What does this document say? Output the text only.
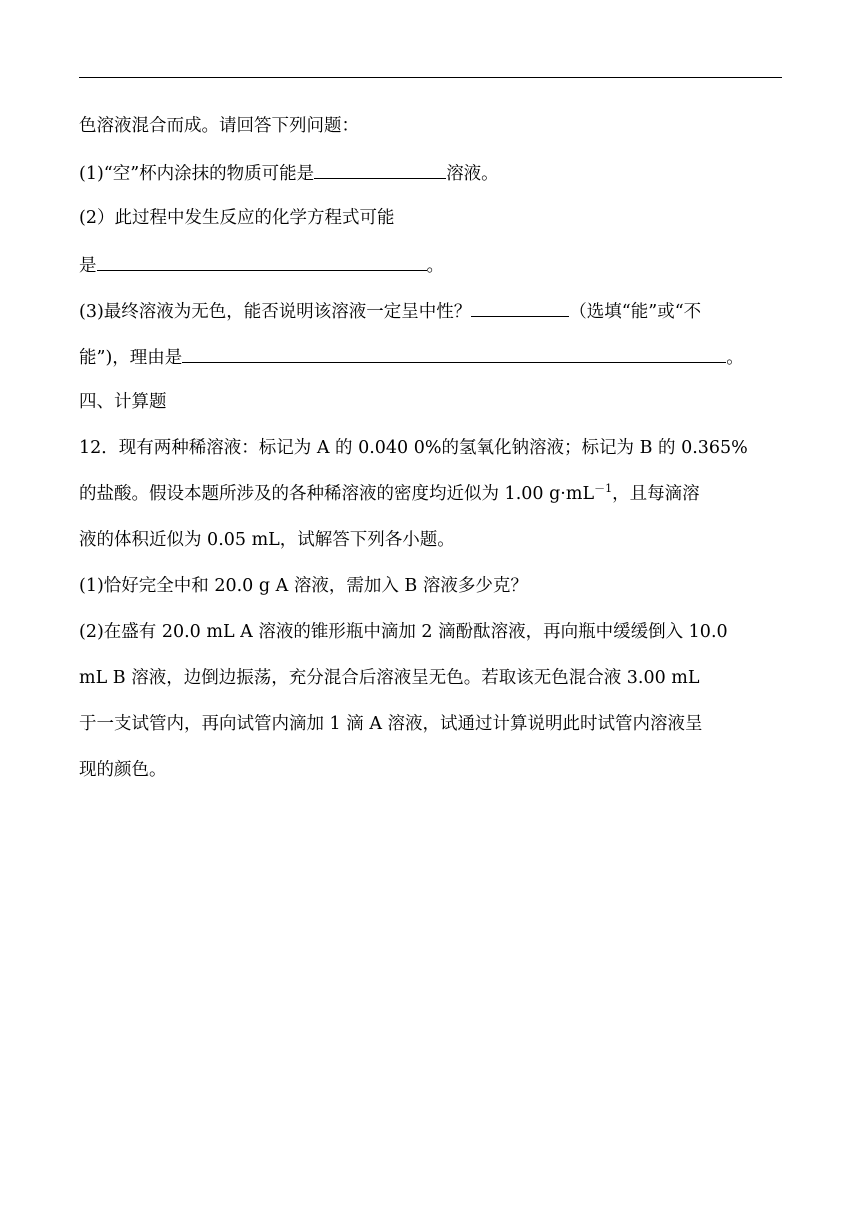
色溶液混合而成。请回答下列问题：
(1)“空”杯内涂抹的物质可能是	溶液。
(2）此过程中发生反应的化学方程式可能
是	。
(3)最终溶液为无色，能否说明该溶液一定呈中性？	（选填“能”或“不
能”)，理由是	。
四、计算题
12．现有两种稀溶液：标记为 A 的 0.040 0%的氢氧化钠溶液；标记为 B 的 0.365%
的盐酸。假设本题所涉及的各种稀溶液的密度均近似为 1.00 $g\cdot mL^{-1}$，且每滴溶
液的体积近似为 0.05 mL，试解答下列各小题。
(1)恰好完全中和 20.0 g A 溶液，需加入 B 溶液多少克？
(2)在盛有 20.0 mL A 溶液的锥形瓶中滴加 2 滴酚酞溶液，再向瓶中缓缓倒入 10.0
mL B 溶液，边倒边振荡，充分混合后溶液呈无色。若取该无色混合液 3.00 mL
于一支试管内，再向试管内滴加 1 滴 A 溶液，试通过计算说明此时试管内溶液呈
现的颜色。
